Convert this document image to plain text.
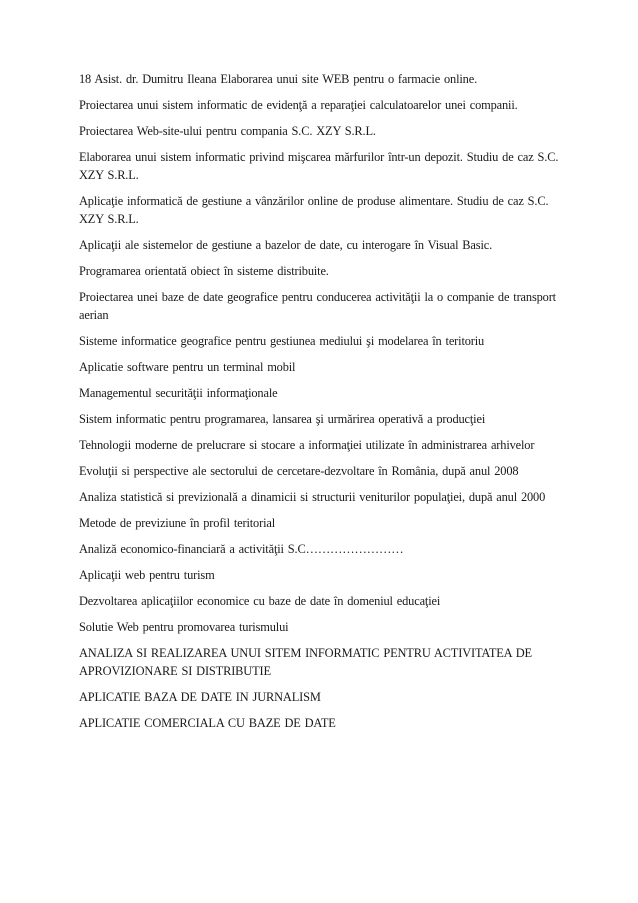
18 Asist. dr. Dumitru Ileana Elaborarea unui site WEB pentru o farmacie online.
Proiectarea unui sistem informatic de evidenţă a reparaţiei calculatoarelor unei companii.
Proiectarea Web-site-ului pentru compania S.C. XZY S.R.L.
Elaborarea unui sistem informatic privind mişcarea mărfurilor într-un depozit. Studiu de caz S.C. XZY S.R.L.
Aplicaţie informatică de gestiune a vânzărilor online de produse alimentare. Studiu de caz S.C. XZY S.R.L.
Aplicaţii ale sistemelor de gestiune a bazelor de date, cu interogare în Visual Basic.
Programarea orientată obiect în sisteme distribuite.
Proiectarea unei baze de date geografice pentru conducerea activităţii la o companie de transport aerian
Sisteme informatice geografice pentru gestiunea mediului şi modelarea în teritoriu
Aplicatie software pentru un terminal mobil
Managementul securităţii informaţionale
Sistem informatic pentru programarea, lansarea şi urmărirea operativă a producţiei
Tehnologii moderne de prelucrare si stocare a informaţiei utilizate în administrarea arhivelor
Evoluţii si perspective ale sectorului de cercetare-dezvoltare în România, după anul 2008
Analiza statistică si previzională a dinamicii si structurii veniturilor populaţiei, după anul 2000
Metode de previziune în profil teritorial
Analiză economico-financiară a activităţii S.C……………………
Aplicaţii web pentru turism
Dezvoltarea aplicaţiilor economice cu baze de date în domeniul educaţiei
Solutie Web pentru promovarea turismului
ANALIZA SI REALIZAREA UNUI SITEM INFORMATIC PENTRU ACTIVITATEA DE APROVIZIONARE SI DISTRIBUTIE
APLICATIE BAZA DE DATE IN JURNALISM
APLICATIE COMERCIALA CU BAZE DE DATE
